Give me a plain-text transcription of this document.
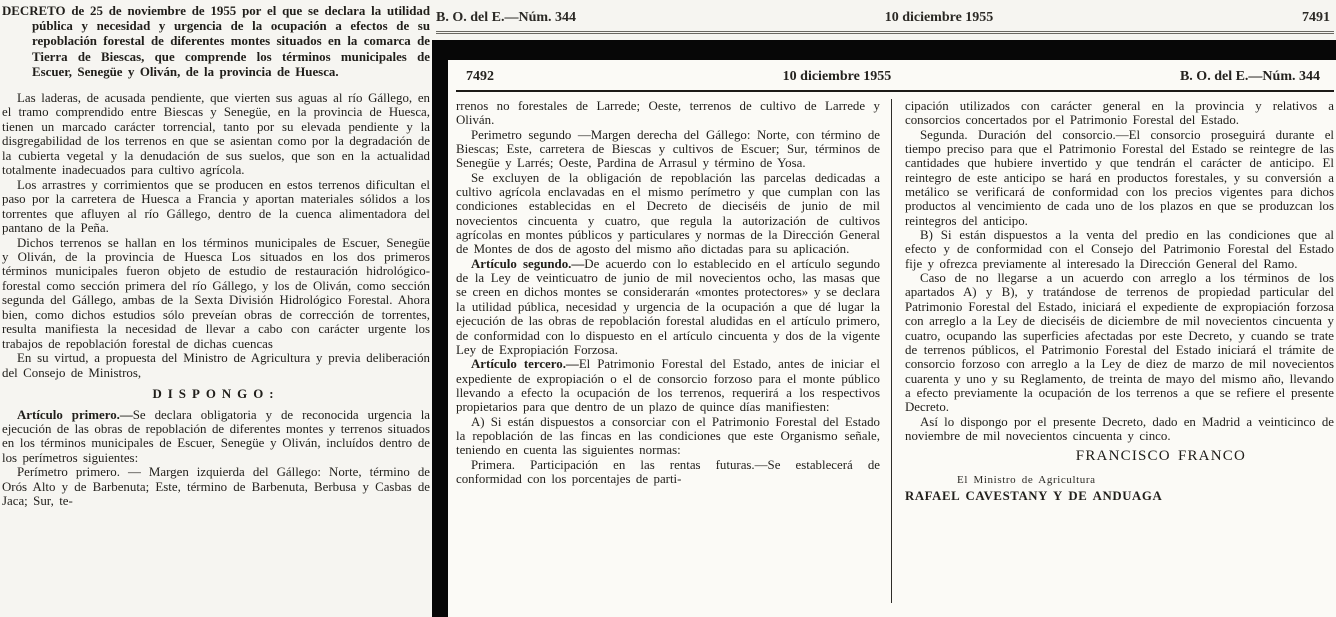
B. O. del E.—Núm. 344	10 diciembre 1955	7491

DECRETO de 25 de noviembre de 1955 por el que se declara la utilidad pública y necesidad y urgencia de la ocupación a efectos de su repoblación forestal de diferentes montes situados en la comarca de Tierra de Biescas, que comprende los términos municipales de Escuer, Senegüe y Oliván, de la provincia de Huesca.

Las laderas, de acusada pendiente, que vierten sus aguas al río Gállego, en el tramo comprendido entre Biescas y Senegüe, en la provincia de Huesca, tienen un marcado carácter torrencial, tanto por su elevada pendiente y la disgregabilidad de los terrenos en que se asientan como por la degradación de la cubierta vegetal y la denudación de sus suelos, que son en la actualidad totalmente inadecuados para cultivo agrícola.

Los arrastres y corrimientos que se producen en estos terrenos dificultan el paso por la carretera de Huesca a Francia y aportan materiales sólidos a los torrentes que afluyen al río Gállego, dentro de la cuenca alimentadora del pantano de la Peña.

Dichos terrenos se hallan en los términos municipales de Escuer, Senegüe y Oliván, de la provincia de Huesca Los situados en los dos primeros términos municipales fueron objeto de estudio de restauración hidrológico-forestal como sección primera del río Gállego, y los de Oliván, como sección segunda del Gállego, ambas de la Sexta División Hidrológico Forestal. Ahora bien, como dichos estudios sólo preveían obras de corrección de torrentes, resulta manifiesta la necesidad de llevar a cabo con carácter urgente los trabajos de repoblación forestal de dichas cuencas

En su virtud, a propuesta del Ministro de Agricultura y previa deliberación del Consejo de Ministros,

DISPONGO:

Artículo primero.—Se declara obligatoria y de reconocida urgencia la ejecución de las obras de repoblación de diferentes montes y terrenos situados en los términos municipales de Escuer, Senegüe y Oliván, incluídos dentro de los perímetros siguientes:

Perímetro primero. — Margen izquierda del Gállego: Norte, término de Orós Alto y de Barbenuta; Este, término de Barbenuta, Berbusa y Casbas de Jaca; Sur, te-

7492	10 diciembre 1955	B. O. del E.—Núm. 344

rrenos no forestales de Larrede; Oeste, terrenos de cultivo de Larrede y Oliván.

Perimetro segundo —Margen derecha del Gállego: Norte, con término de Biescas; Este, carretera de Biescas y cultivos de Escuer; Sur, términos de Senegüe y Larrés; Oeste, Pardina de Arrasul y término de Yosa.

Se excluyen de la obligación de repoblación las parcelas dedicadas a cultivo agrícola enclavadas en el mismo perímetro y que cumplan con las condiciones establecidas en el Decreto de dieciséis de junio de mil novecientos cincuenta y cuatro, que regula la autorización de cultivos agrícolas en montes públicos y particulares y normas de la Dirección General de Montes de dos de agosto del mismo año dictadas para su aplicación.

Artículo segundo.—De acuerdo con lo establecido en el artículo segundo de la Ley de veinticuatro de junio de mil novecientos ocho, las masas que se creen en dichos montes se considerarán «montes protectores» y se declara la utilidad pública, necesidad y urgencia de la ocupación a que dé lugar la ejecución de las obras de repoblación forestal aludidas en el artículo primero, de conformidad con lo dispuesto en el artículo cincuenta y dos de la vigente Ley de Expropiación Forzosa.

Artículo tercero.—El Patrimonio Forestal del Estado, antes de iniciar el expediente de expropiación o el de consorcio forzoso para el monte público llevando a efecto la ocupación de los terrenos, requerirá a los respectivos propietarios para que dentro de un plazo de quince días manifiesten:

A) Si están dispuestos a consorciar con el Patrimonio Forestal del Estado la repoblación de las fincas en las condiciones que este Organismo señale, teniendo en cuenta las siguientes normas:

Primera. Participación en las rentas futuras.—Se establecerá de conformidad con los porcentajes de parti-

cipación utilizados con carácter general en la provincia y relativos a consorcios concertados por el Patrimonio Forestal del Estado.

Segunda. Duración del consorcio.—El consorcio proseguirá durante el tiempo preciso para que el Patrimonio Forestal del Estado se reintegre de las cantidades que hubiere invertido y que tendrán el carácter de anticipo. El reintegro de este anticipo se hará en productos forestales, y su conversión a metálico se verificará de conformidad con los precios vigentes para dichos productos al vencimiento de cada uno de los plazos en que se produzcan los reintegros del anticipo.

B) Si están dispuestos a la venta del predio en las condiciones que al efecto y de conformidad con el Consejo del Patrimonio Forestal del Estado fije y ofrezca previamente al interesado la Dirección General del Ramo.

Caso de no llegarse a un acuerdo con arreglo a los términos de los apartados A) y B), y tratándose de terrenos de propiedad particular del Patrimonio Forestal del Estado, iniciará el expediente de expropiación forzosa con arreglo a la Ley de dieciséis de diciembre de mil novecientos cincuenta y cuatro, ocupando las superficies afectadas por este Decreto, y cuando se trate de terrenos públicos, el Patrimonio Forestal del Estado iniciará el trámite de consorcio forzoso con arreglo a la Ley de diez de marzo de mil novecientos cuarenta y uno y su Reglamento, de treinta de mayo del mismo año, llevando a efecto previamente la ocupación de los terrenos a que se refiere el presente Decreto.

Así lo dispongo por el presente Decreto, dado en Madrid a veinticinco de noviembre de mil novecientos cincuenta y cinco.

FRANCISCO FRANCO

El Ministro de Agricultura

RAFAEL CAVESTANY Y DE ANDUAGA
